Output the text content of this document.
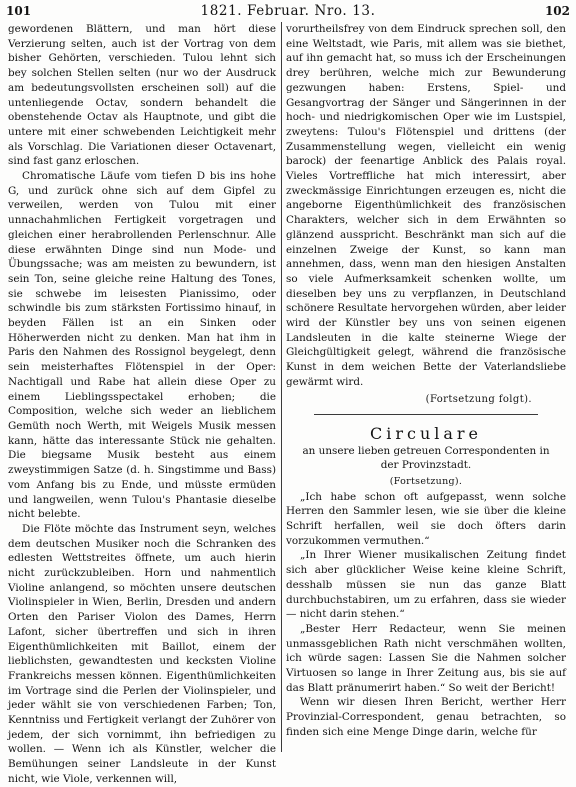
101	1821. Februar. Nro. 13.	102

gewordenen Blättern, und man hört diese Verzierung selten, auch ist der Vortrag von dem bisher Gehörten, verschieden. Tulou lehnt sich bey solchen Stellen selten (nur wo der Ausdruck am bedeutungsvollsten erscheinen soll) auf die untenliegende Octav, sondern behandelt die obenstehende Octav als Hauptnote, und gibt die untere mit einer schwebenden Leichtigkeit mehr als Vorschlag. Die Variationen dieser Octavenart, sind fast ganz erloschen.

Chromatische Läufe vom tiefen D bis ins hohe G, und zurück ohne sich auf dem Gipfel zu verweilen, werden von Tulou mit einer unnachahmlichen Fertigkeit vorgetragen und gleichen einer herabrollenden Perlenschnur. Alle diese erwähnten Dinge sind nun Mode- und Übungssache; was am meisten zu bewundern, ist sein Ton, seine gleiche reine Haltung des Tones, sie schwebe im leisesten Pianissimo, oder schwindle bis zum stärksten Fortissimo hinauf, in beyden Fällen ist an ein Sinken oder Höherwerden nicht zu denken. Man hat ihm in Paris den Nahmen des Rossignol beygelegt, denn sein meisterhaftes Flötenspiel in der Oper: Nachtigall und Rabe hat allein diese Oper zu einem Lieblingsspectakel erhoben; die Composition, welche sich weder an lieblichem Gemüth noch Werth, mit Weigels Musik messen kann, hätte das interessante Stück nie gehalten. Die biegsame Musik besteht aus einem zweystimmigen Satze (d. h. Singstimme und Bass) vom Anfang bis zu Ende, und müsste ermüden und langweilen, wenn Tulou's Phantasie dieselbe nicht belebte.

Die Flöte möchte das Instrument seyn, welches dem deutschen Musiker noch die Schranken des edlesten Wettstreites öffnete, um auch hierin nicht zurückzubleiben. Horn und nahmentlich Violine anlangend, so möchten unsere deutschen Violinspieler in Wien, Berlin, Dresden und andern Orten den Pariser Violon des Dames, Herrn Lafont, sicher übertreffen und sich in ihren Eigenthümlichkeiten mit Baillot, einem der lieblichsten, gewandtesten und kecksten Violine Frankreichs messen können. Eigenthümlichkeiten im Vortrage sind die Perlen der Violinspieler, und jeder wählt sie von verschiedenen Farben; Ton, Kenntniss und Fertigkeit verlangt der Zuhörer von jedem, der sich vornimmt, ihn befriedigen zu wollen. — Wenn ich als Künstler, welcher die Bemühungen seiner Landsleute in der Kunst nicht, wie Viole, verkennen will,

vorurtheilsfrey von dem Eindruck sprechen soll, den eine Weltstadt, wie Paris, mit allem was sie biethet, auf ihn gemacht hat, so muss ich der Erscheinungen drey berühren, welche mich zur Bewunderung gezwungen haben: Erstens, Spiel- und Gesangvortrag der Sänger und Sängerinnen in der hoch- und niedrigkomischen Oper wie im Lustspiel, zweytens: Tulou's Flötenspiel und drittens (der Zusammenstellung wegen, vielleicht ein wenig barock) der feenartige Anblick des Palais royal. Vieles Vortreffliche hat mich interessirt, aber zweckmässige Einrichtungen erzeugen es, nicht die angeborne Eigenthümlichkeit des französischen Charakters, welcher sich in dem Erwähnten so glänzend ausspricht. Beschränkt man sich auf die einzelnen Zweige der Kunst, so kann man annehmen, dass, wenn man den hiesigen Anstalten so viele Aufmerksamkeit schenken wollte, um dieselben bey uns zu verpflanzen, in Deutschland schönere Resultate hervorgehen würden, aber leider wird der Künstler bey uns von seinen eigenen Landsleuten in die kalte steinerne Wiege der Gleichgültigkeit gelegt, während die französische Kunst in dem weichen Bette der Vaterlandsliebe gewärmt wird.

(Fortsetzung folgt).
Circulare
an unsere lieben getreuen Correspondenten in
der Provinzstadt.
(Fortsetzung).

„Ich habe schon oft aufgepasst, wenn solche Herren den Sammler lesen, wie sie über die kleine Schrift herfallen, weil sie doch öfters darin vorzukommen vermuthen.“

„In Ihrer Wiener musikalischen Zeitung findet sich aber glücklicher Weise keine kleine Schrift, desshalb müssen sie nun das ganze Blatt durchbuchstabiren, um zu erfahren, dass sie wieder — nicht darin stehen.“

„Bester Herr Redacteur, wenn Sie meinen unmassgeblichen Rath nicht verschmähen wollten, ich würde sagen: Lassen Sie die Nahmen solcher Virtuosen so lange in Ihrer Zeitung aus, bis sie auf das Blatt pränumerirt haben.“ So weit der Bericht!

Wenn wir diesen Ihren Bericht, werther Herr Provinzial-Correspondent, genau betrachten, so finden sich eine Menge Dinge darin, welche für
